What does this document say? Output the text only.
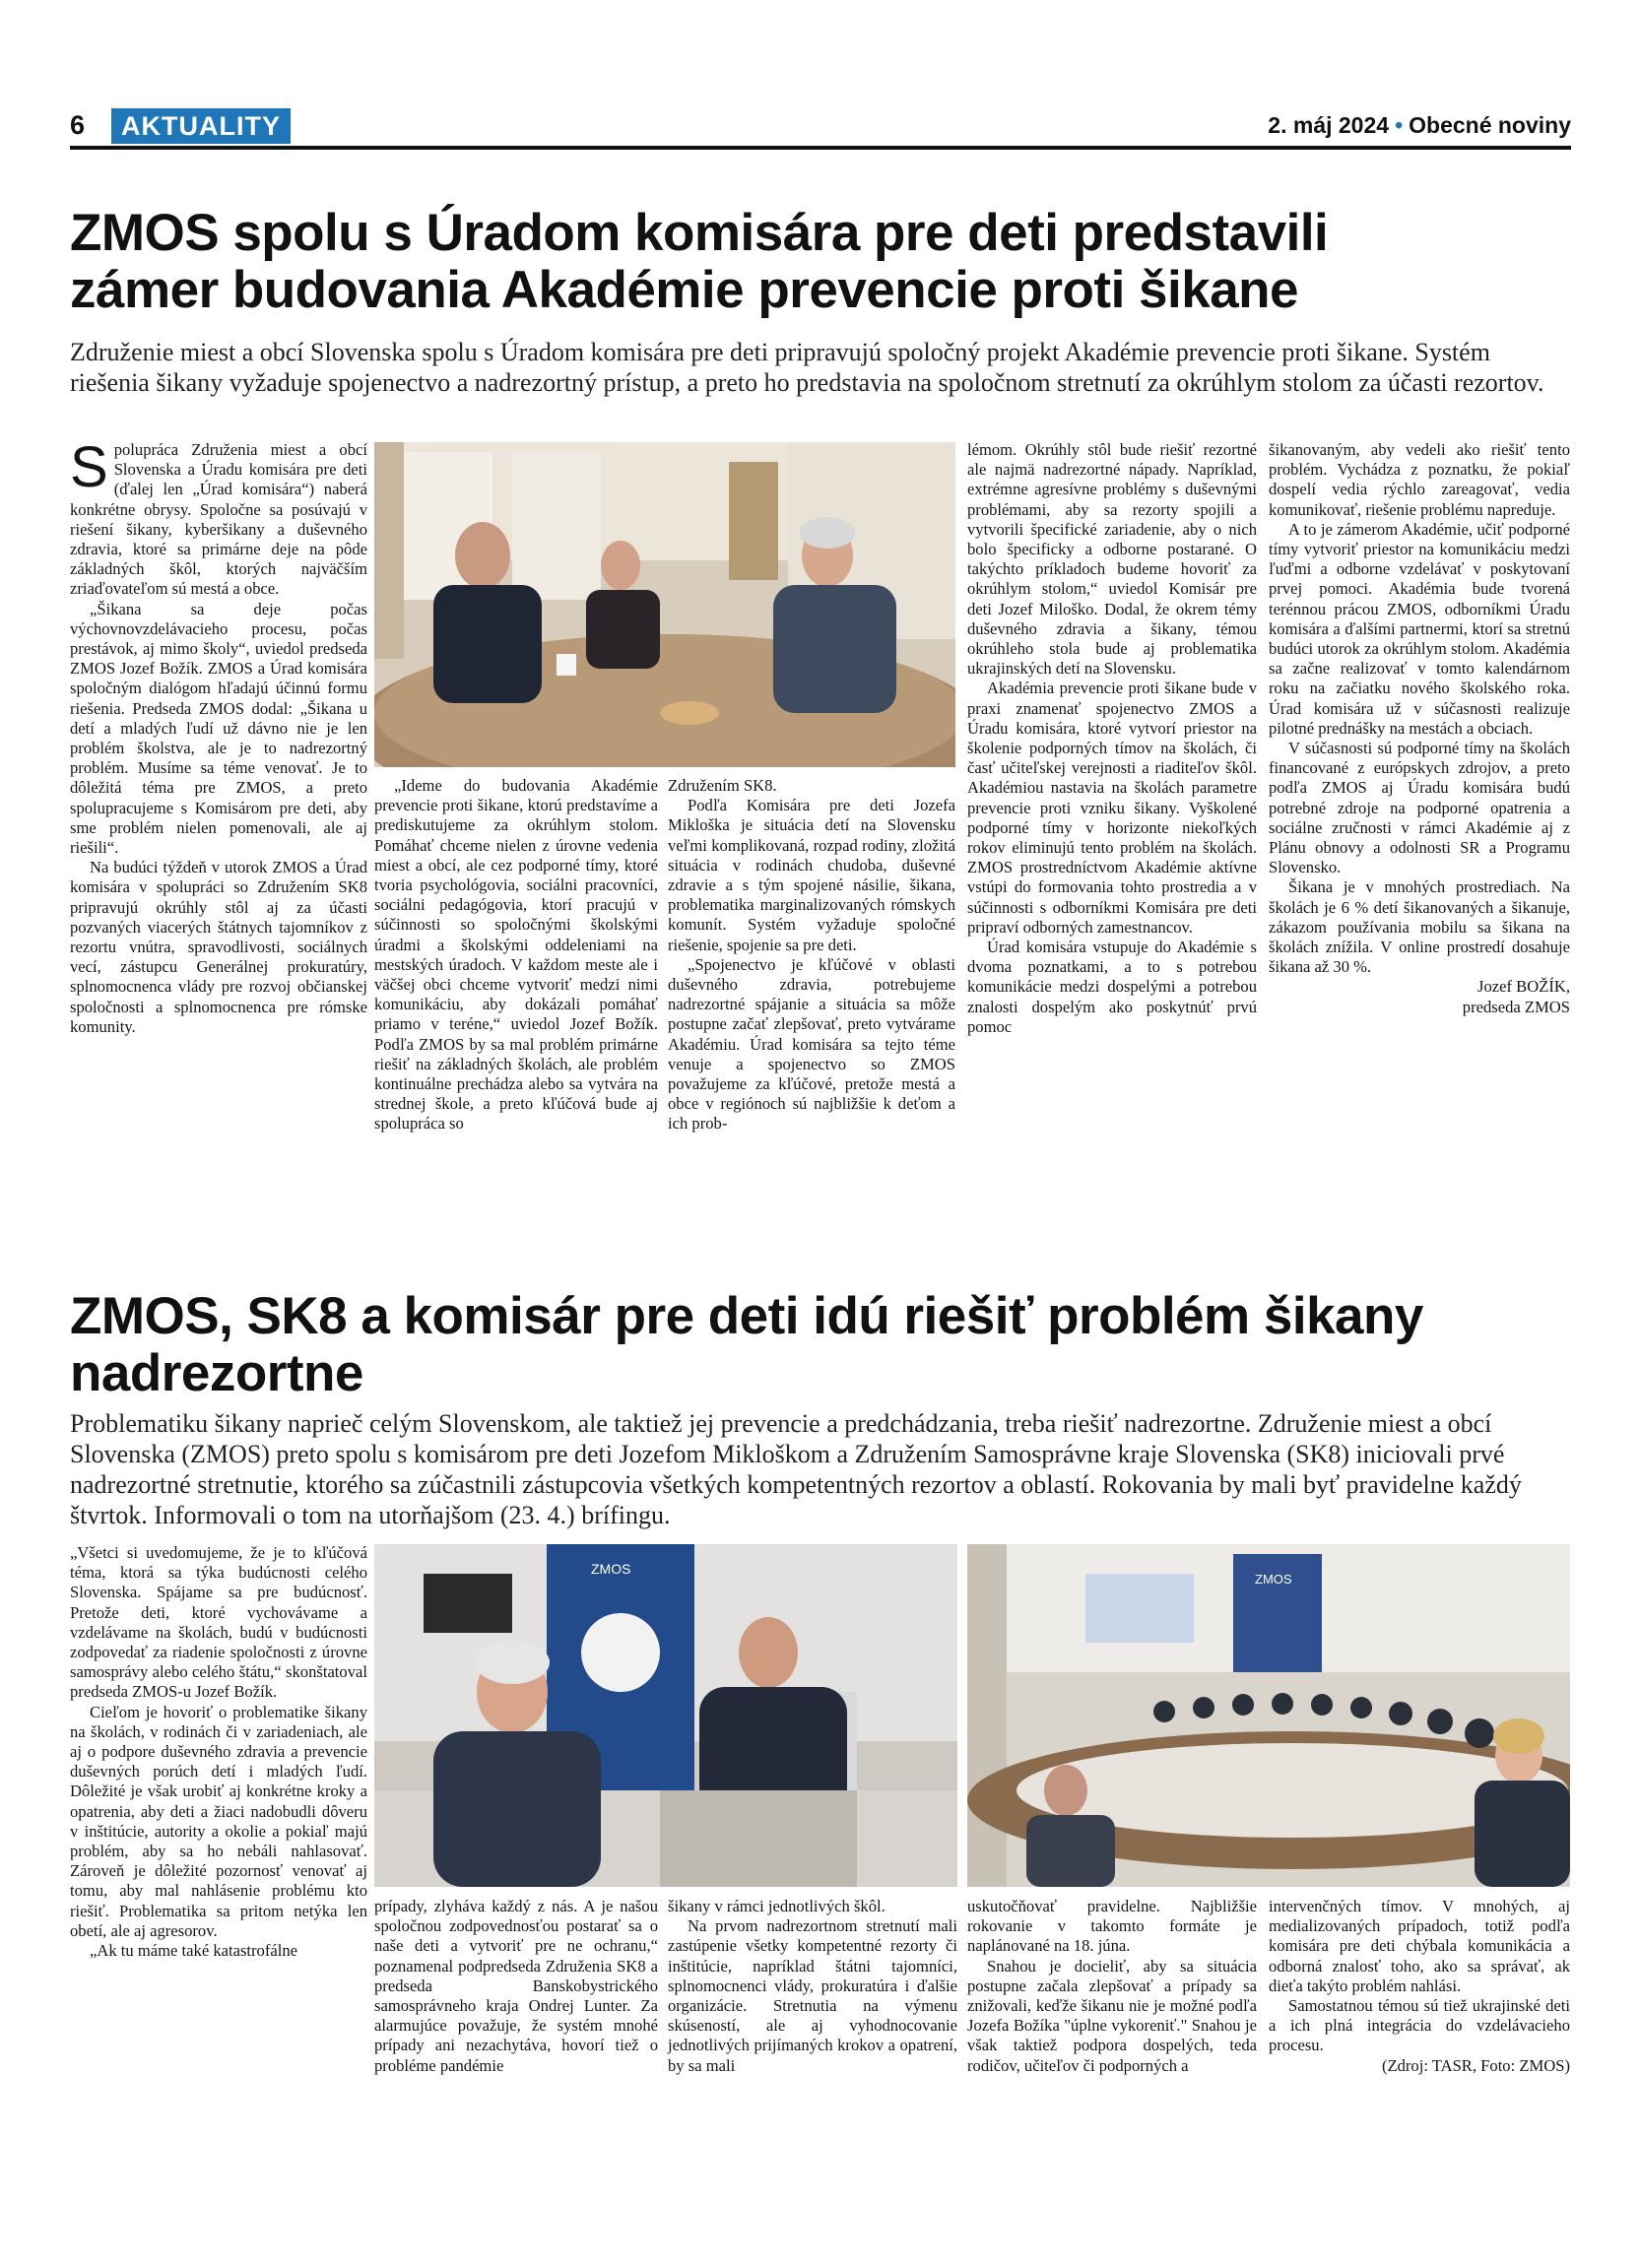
6	AKTUALITY	2. máj 2024 • Obecné noviny
ZMOS spolu s Úradom komisára pre deti predstavili
zámer budovania Akadémie prevencie proti šikane
Združenie miest a obcí Slovenska spolu s Úradom komisára pre deti pripravujú spoločný projekt Akadémie prevencie proti šikane. Systém riešenia šikany vyžaduje spojenectvo a nadrezortný prístup, a preto ho predstavia na spoločnom stretnutí za okrúhlym stolom za účasti rezortov.

Spolupráca Združenia miest a obcí Slovenska a Úradu komisára pre deti (ďalej len „Úrad komisára“) naberá konkrétne obrysy. Spoločne sa posúvajú v riešení šikany, kyberšikany a duševného zdravia, ktoré sa primárne deje na pôde základných škôl, ktorých najväčším zriaďovateľom sú mestá a obce.

„Šikana sa deje počas výchovnovzdelávacieho procesu, počas prestávok, aj mimo školy“, uviedol predseda ZMOS Jozef Božík. ZMOS a Úrad komisára spoločným dialógom hľadajú účinnú formu riešenia. Predseda ZMOS dodal: „Šikana u detí a mladých ľudí už dávno nie je len problém školstva, ale je to nadrezortný problém. Musíme sa téme venovať. Je to dôležitá téma pre ZMOS, a preto spolupracujeme s Komisárom pre deti, aby sme problém nielen pomenovali, ale aj riešili“.

Na budúci týždeň v utorok ZMOS a Úrad komisára v spolupráci so Združením SK8 pripravujú okrúhly stôl aj za účasti pozvaných viacerých štátnych tajomníkov z rezortu vnútra, spravodlivosti, sociálnych vecí, zástupcu Generálnej prokuratúry, splnomocnenca vlády pre rozvoj občianskej spoločnosti a splnomocnenca pre rómske komunity.

„Ideme do budovania Akadémie prevencie proti šikane, ktorú predstavíme a prediskutujeme za okrúhlym stolom. Pomáhať chceme nielen z úrovne vedenia miest a obcí, ale cez podporné tímy, ktoré tvoria psychológovia, sociálni pracovníci, sociálni pedagógovia, ktorí pracujú v súčinnosti so spoločnými školskými úradmi a školskými oddeleniami na mestských úradoch. V každom meste ale i väčšej obci chceme vytvoriť medzi nimi komunikáciu, aby dokázali pomáhať priamo v teréne,“ uviedol Jozef Božík. Podľa ZMOS by sa mal problém primárne riešiť na základných školách, ale problém kontinuálne prechádza alebo sa vytvára na strednej škole, a preto kľúčová bude aj spolupráca so

Združením SK8.

Podľa Komisára pre deti Jozefa Mikloška je situácia detí na Slovensku veľmi komplikovaná, rozpad rodiny, zložitá situácia v rodinách chudoba, duševné zdravie a s tým spojené násilie, šikana, problematika marginalizovaných rómskych komunít. Systém vyžaduje spoločné riešenie, spojenie sa pre deti.

„Spojenectvo je kľúčové v oblasti duševného zdravia, potrebujeme nadrezortné spájanie a situácia sa môže postupne začať zlepšovať, preto vytvárame Akadémiu. Úrad komisára sa tejto téme venuje a spojenectvo so ZMOS považujeme za kľúčové, pretože mestá a obce v regiónoch sú najbližšie k deťom a ich prob-

lémom. Okrúhly stôl bude riešiť rezortné ale najmä nadrezortné nápady. Napríklad, extrémne agresívne problémy s duševnými problémami, aby sa rezorty spojili a vytvorili špecifické zariadenie, aby o nich bolo špecificky a odborne postarané. O takýchto príkladoch budeme hovoriť za okrúhlym stolom,“ uviedol Komisár pre deti Jozef Miloško. Dodal, že okrem témy duševného zdravia a šikany, témou okrúhleho stola bude aj problematika ukrajinských detí na Slovensku.

Akadémia prevencie proti šikane bude v praxi znamenať spojenectvo ZMOS a Úradu komisára, ktoré vytvorí priestor na školenie podporných tímov na školách, či časť učiteľskej verejnosti a riaditeľov škôl. Akadémiou nastavia na školách parametre prevencie proti vzniku šikany. Vyškolené podporné tímy v horizonte niekoľkých rokov eliminujú tento problém na školách. ZMOS prostredníctvom Akadémie aktívne vstúpi do formovania tohto prostredia a v súčinnosti s odborníkmi Komisára pre deti pripraví odborných zamestnancov.

Úrad komisára vstupuje do Akadémie s dvoma poznatkami, a to s potrebou komunikácie medzi dospelými a potrebou znalosti dospelým ako poskytnúť prvú pomoc

šikanovaným, aby vedeli ako riešiť tento problém. Vychádza z poznatku, že pokiaľ dospelí vedia rýchlo zareagovať, vedia komunikovať, riešenie problému napreduje.

A to je zámerom Akadémie, učiť podporné tímy vytvoriť priestor na komunikáciu medzi ľuďmi a odborne vzdelávať v poskytovaní prvej pomoci. Akadémia bude tvorená terénnou prácou ZMOS, odborníkmi Úradu komisára a ďalšími partnermi, ktorí sa stretnú budúci utorok za okrúhlym stolom. Akadémia sa začne realizovať v tomto kalendárnom roku na začiatku nového školského roka. Úrad komisára už v súčasnosti realizuje pilotné prednášky na mestách a obciach.

V súčasnosti sú podporné tímy na školách financované z európskych zdrojov, a preto podľa ZMOS aj Úradu komisára budú potrebné zdroje na podporné opatrenia a sociálne zručnosti v rámci Akadémie aj z Plánu obnovy a odolnosti SR a Programu Slovensko.

Šikana je v mnohých prostrediach. Na školách je 6 % detí šikanovaných a šikanuje, zákazom používania mobilu sa šikana na školách znížila. V online prostredí dosahuje šikana až 30 %.

Jozef BOŽÍK,

predseda ZMOS

ZMOS, SK8 a komisár pre deti idú riešiť problém šikany
nadrezortne
Problematiku šikany naprieč celým Slovenskom, ale taktiež jej prevencie a predchádzania, treba riešiť nadrezortne. Združenie miest a obcí Slovenska (ZMOS) preto spolu s komisárom pre deti Jozefom Mikloškom a Združením Samosprávne kraje Slovenska (SK8) iniciovali prvé nadrezortné stretnutie, ktorého sa zúčastnili zástupcovia všetkých kompetentných rezortov a oblastí. Rokovania by mali byť pravidelne každý štvrtok. Informovali o tom na utorňajšom (23. 4.) brífingu.

„Všetci si uvedomujeme, že je to kľúčová téma, ktorá sa týka budúcnosti celého Slovenska. Spájame sa pre budúcnosť. Pretože deti, ktoré vychovávame a vzdelávame na školách, budú v budúcnosti zodpovedať za riadenie spoločnosti z úrovne samosprávy alebo celého štátu,“ skonštatoval predseda ZMOS-u Jozef Božík.

Cieľom je hovoriť o problematike šikany na školách, v rodinách či v zariadeniach, ale aj o podpore duševného zdravia a prevencie duševných porúch detí i mladých ľudí. Dôležité je však urobiť aj konkrétne kroky a opatrenia, aby deti a žiaci nadobudli dôveru v inštitúcie, autority a okolie a pokiaľ majú problém, aby sa ho nebáli nahlasovať. Zároveň je dôležité pozornosť venovať aj tomu, aby mal nahlásenie problému kto riešiť. Problematika sa pritom netýka len obetí, ale aj agresorov.

„Ak tu máme také katastrofálne

ZMOS
ZMOS

prípady, zlyháva každý z nás. A je našou spoločnou zodpovednosťou postarať sa o naše deti a vytvoriť pre ne ochranu,“ poznamenal podpredseda Združenia SK8 a predseda Banskobystrického samosprávneho kraja Ondrej Lunter. Za alarmujúce považuje, že systém mnohé prípady ani nezachytáva, hovorí tiež o probléme pandémie

šikany v rámci jednotlivých škôl.

Na prvom nadrezortnom stretnutí mali zastúpenie všetky kompetentné rezorty či inštitúcie, napríklad štátni tajomníci, splnomocnenci vlády, prokuratúra i ďalšie organizácie. Stretnutia na výmenu skúseností, ale aj vyhodnocovanie jednotlivých prijímaných krokov a opatrení, by sa mali

uskutočňovať pravidelne. Najbližšie rokovanie v takomto formáte je naplánované na 18. júna.

Snahou je docieliť, aby sa situácia postupne začala zlepšovať a prípady sa znižovali, keďže šikanu nie je možné podľa Jozefa Božíka "úplne vykoreniť." Snahou je však taktiež podpora dospelých, teda rodičov, učiteľov či podporných a

intervenčných tímov. V mnohých, aj medializovaných prípadoch, totiž podľa komisára pre deti chýbala komunikácia a odborná znalosť toho, ako sa správať, ak dieťa takýto problém nahlási.

Samostatnou témou sú tiež ukrajinské deti a ich plná integrácia do vzdelávacieho procesu.

(Zdroj: TASR, Foto: ZMOS)
